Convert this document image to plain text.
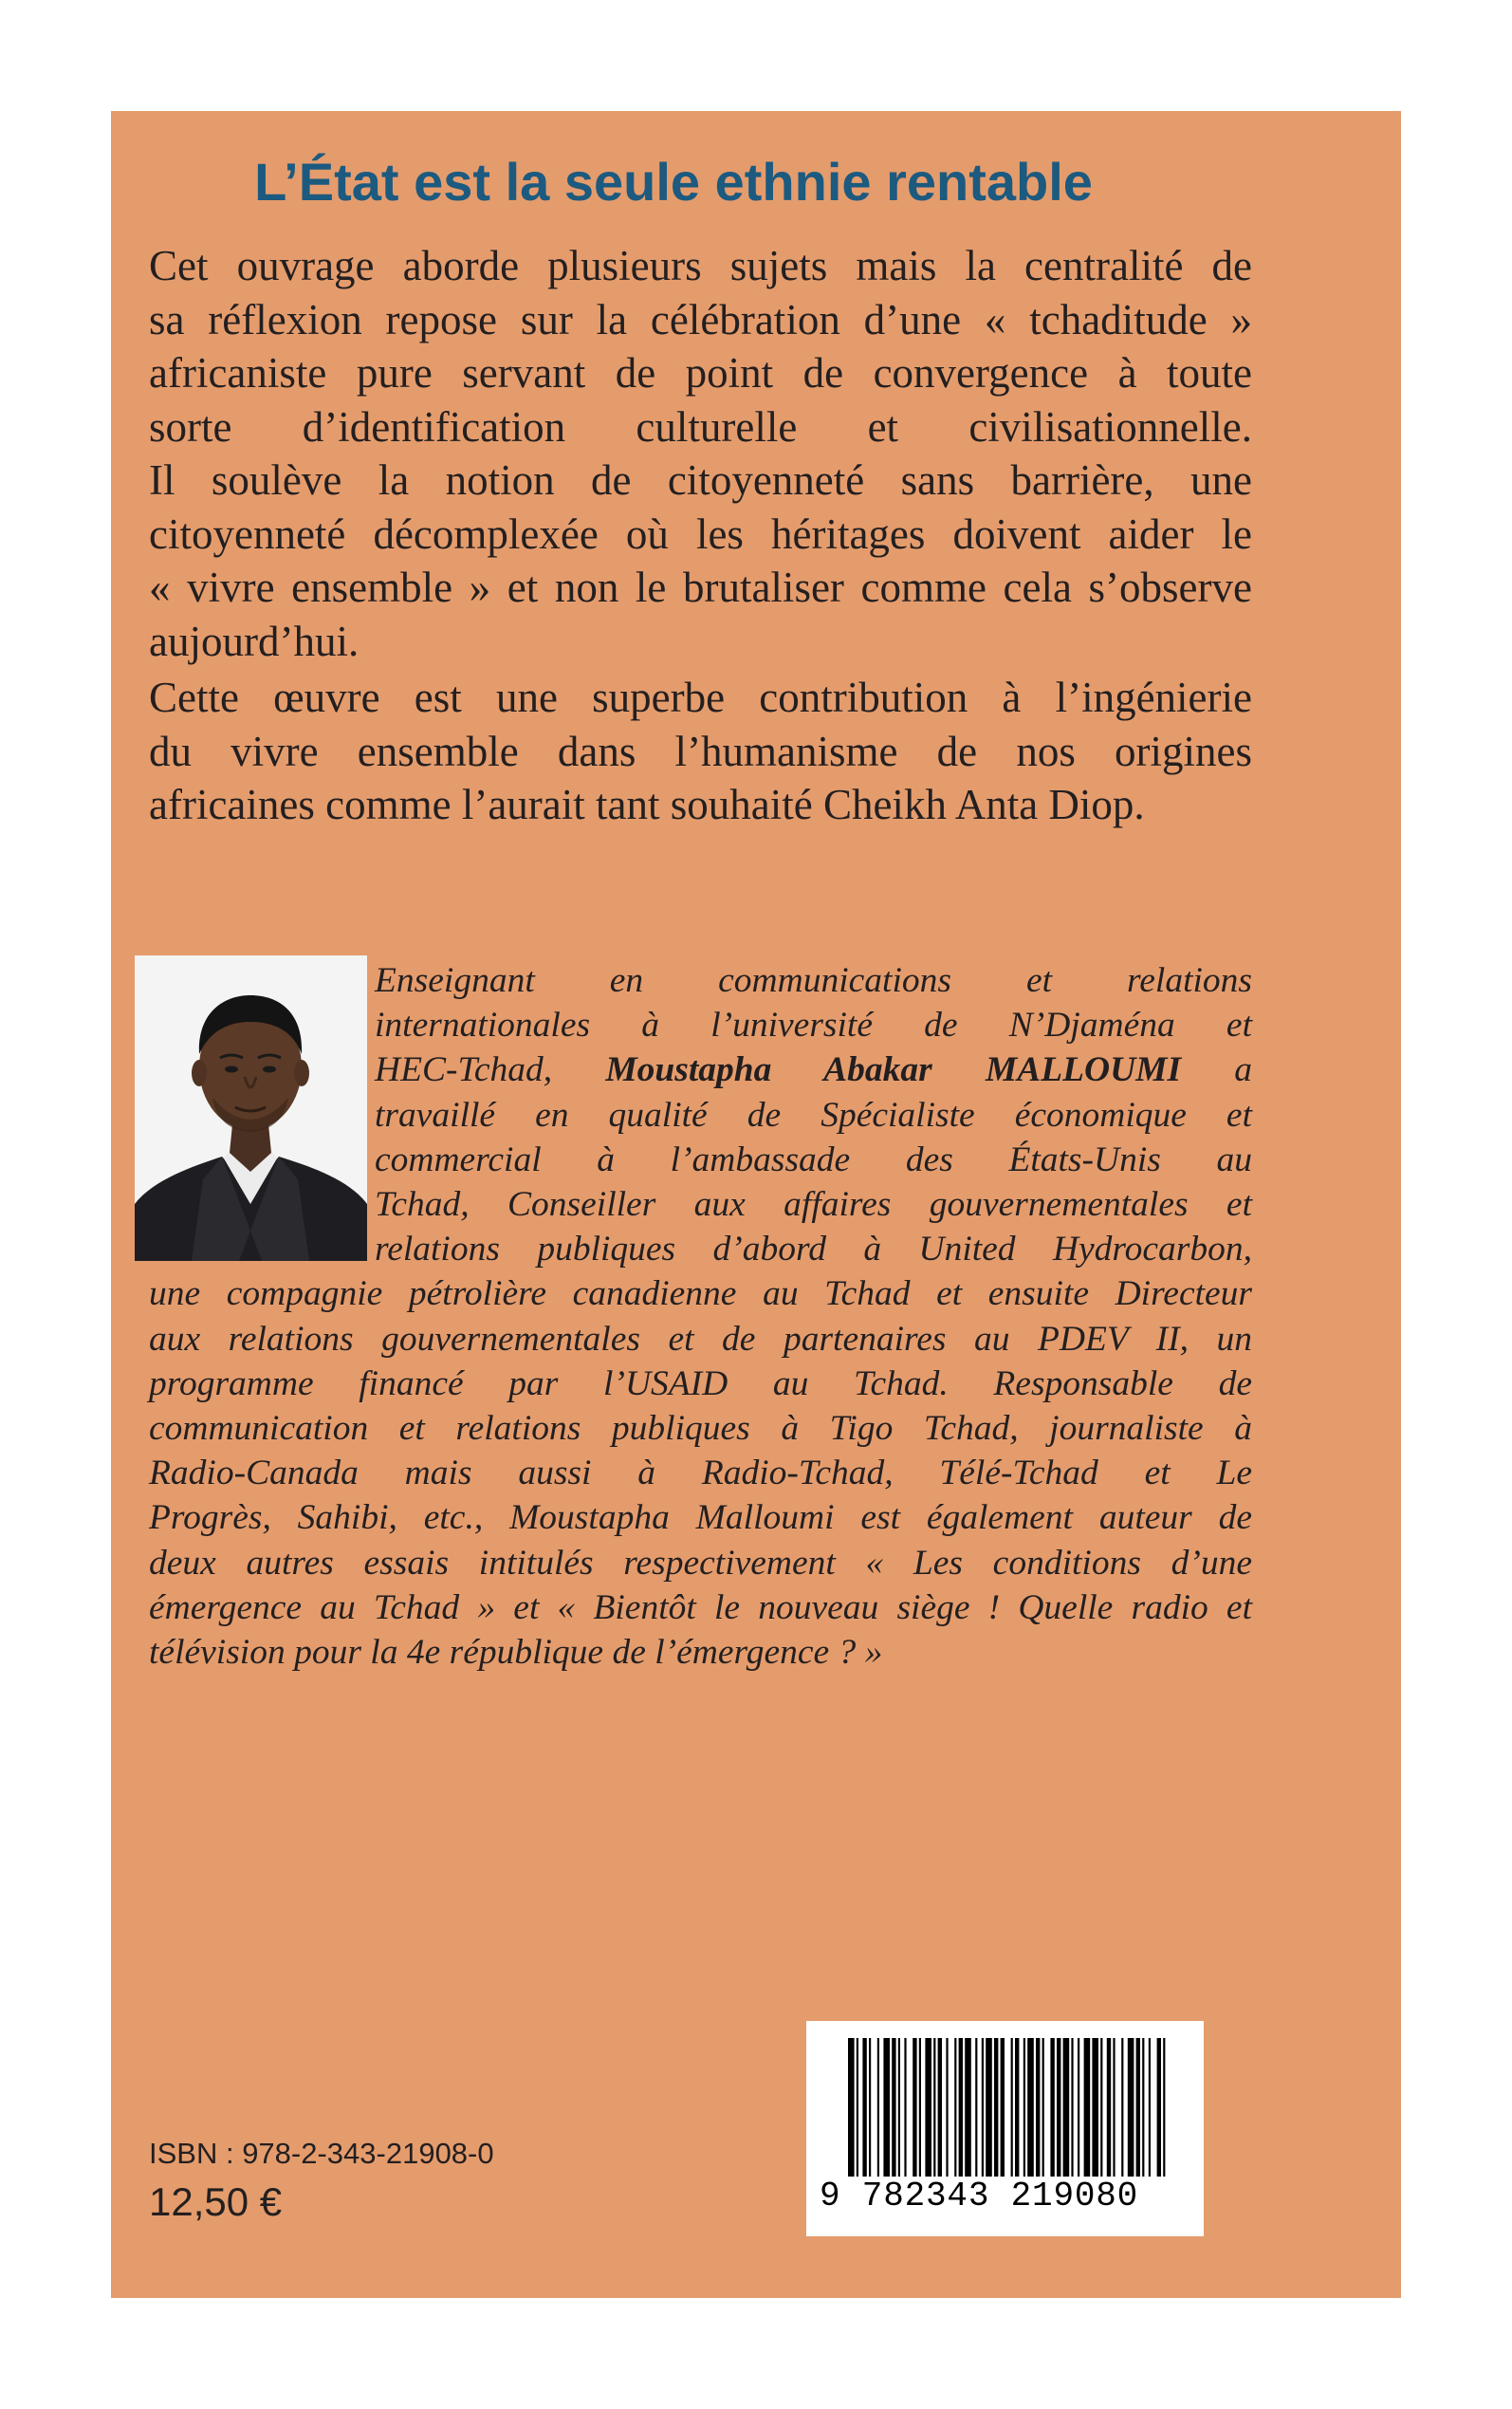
L’État est la seule ethnie rentable
Cet ouvrage aborde plusieurs sujets mais la centralité de
sa réflexion repose sur la célébration d’une « tchaditude »
africaniste pure servant de point de convergence à toute
sorte d’identification culturelle et civilisationnelle.
Il soulève la notion de citoyenneté sans barrière, une
citoyenneté décomplexée où les héritages doivent aider le
« vivre ensemble » et non le brutaliser comme cela s’observe
aujourd’hui.
Cette œuvre est une superbe contribution à l’ingénierie
du vivre ensemble dans l’humanisme de nos origines
africaines comme l’aurait tant souhaité Cheikh Anta Diop.
Enseignant en communications et relations
internationales à l’université de N’Djaména et
HEC-Tchad, Moustapha Abakar MALLOUMI a
travaillé en qualité de Spécialiste économique et
commercial à l’ambassade des États-Unis au
Tchad, Conseiller aux affaires gouvernementales et
relations publiques d’abord à United Hydrocarbon,
une compagnie pétrolière canadienne au Tchad et ensuite Directeur
aux relations gouvernementales et de partenaires au PDEV II, un
programme financé par l’USAID au Tchad. Responsable de
communication et relations publiques à Tigo Tchad, journaliste à
Radio-Canada mais aussi à Radio-Tchad, Télé-Tchad et Le
Progrès, Sahibi, etc., Moustapha Malloumi est également auteur de
deux autres essais intitulés respectivement « Les conditions d’une
émergence au Tchad » et « Bientôt le nouveau siège ! Quelle radio et
télévision pour la 4e république de l’émergence ? »

ISBN : 978-2-343-21908-0

12,50 €	9 782343 219080
